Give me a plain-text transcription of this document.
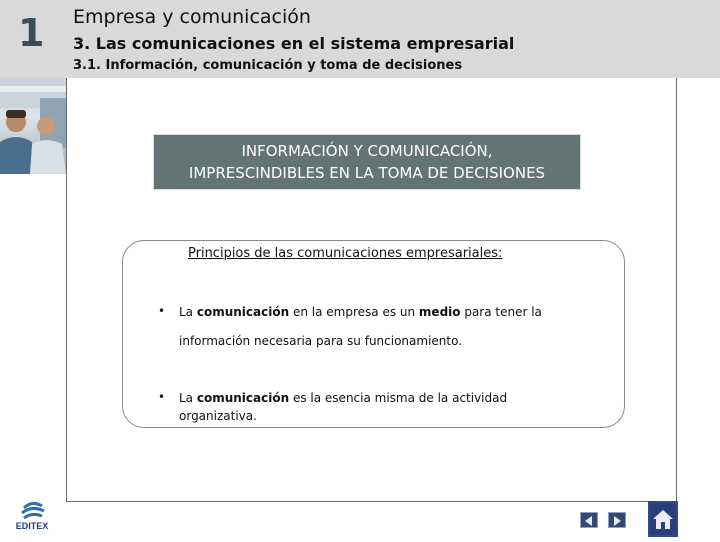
1 Empresa y comunicación
3. Las comunicaciones en el sistema empresarial
3.1. Información, comunicación y toma de decisiones
INFORMACIÓN Y COMUNICACIÓN,
IMPRESCINDIBLES EN LA TOMA DE DECISIONES
Principios de las comunicaciones empresariales:
• La comunicación en la empresa es un medio para tener la
información necesaria para su funcionamiento.
• La comunicación es la esencia misma de la actividad
organizativa.
EDITEX
